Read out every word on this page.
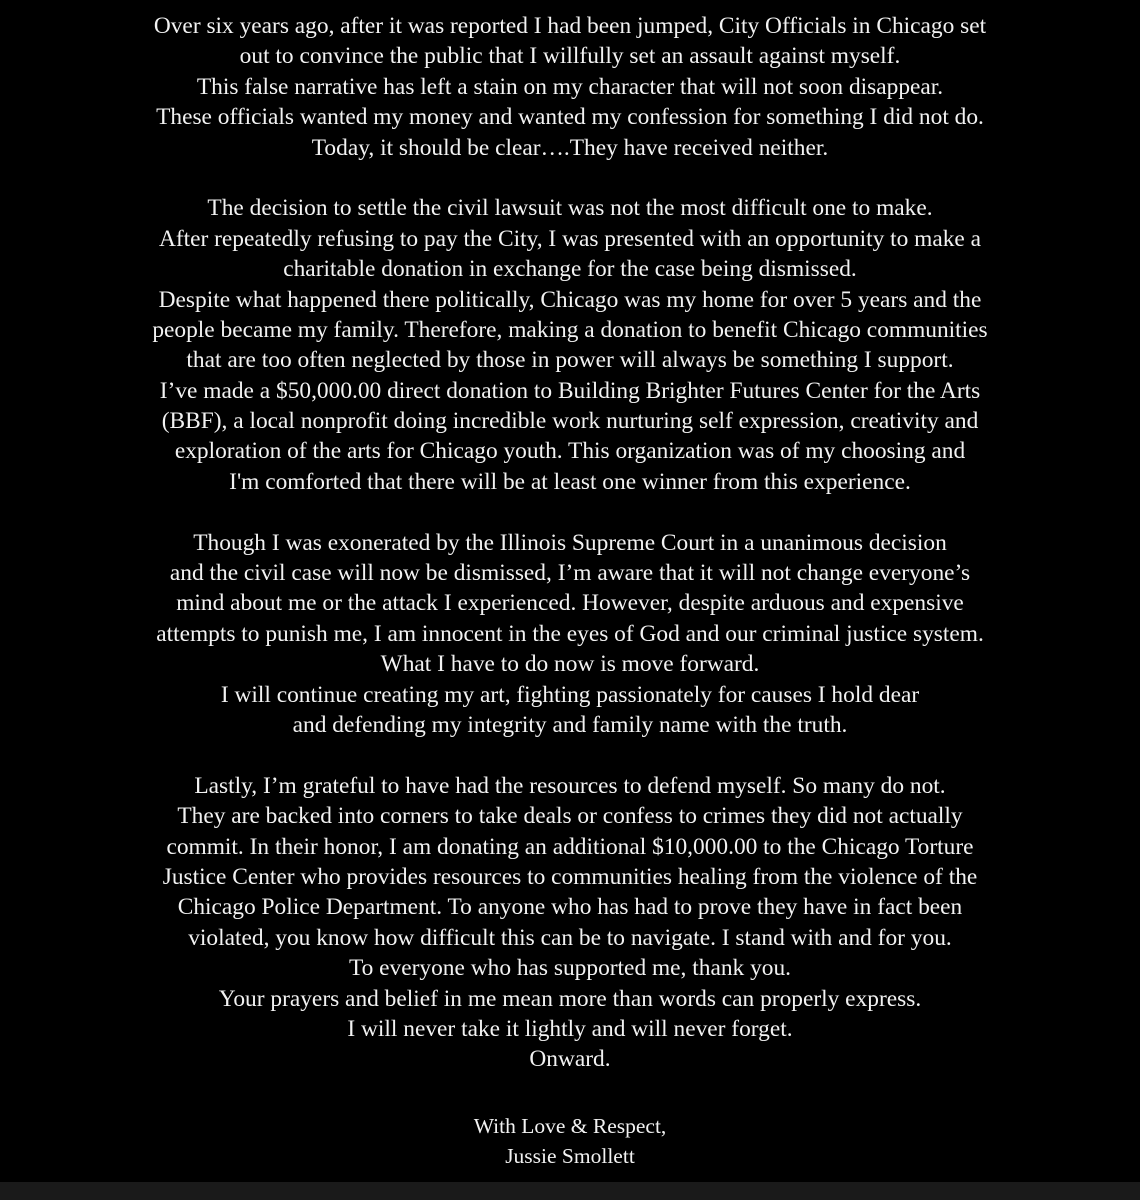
Over six years ago, after it was reported I had been jumped, City Officials in Chicago set
out to convince the public that I willfully set an assault against myself.
This false narrative has left a stain on my character that will not soon disappear.
These officials wanted my money and wanted my confession for something I did not do.
Today, it should be clear….They have received neither.
The decision to settle the civil lawsuit was not the most difficult one to make.
After repeatedly refusing to pay the City, I was presented with an opportunity to make a
charitable donation in exchange for the case being dismissed.
Despite what happened there politically, Chicago was my home for over 5 years and the
people became my family. Therefore, making a donation to benefit Chicago communities
that are too often neglected by those in power will always be something I support.
I’ve made a $50,000.00 direct donation to Building Brighter Futures Center for the Arts
(BBF), a local nonprofit doing incredible work nurturing self expression, creativity and
exploration of the arts for Chicago youth. This organization was of my choosing and
I'm comforted that there will be at least one winner from this experience.
Though I was exonerated by the Illinois Supreme Court in a unanimous decision
and the civil case will now be dismissed, I’m aware that it will not change everyone’s
mind about me or the attack I experienced. However, despite arduous and expensive
attempts to punish me, I am innocent in the eyes of God and our criminal justice system.
What I have to do now is move forward.
I will continue creating my art, fighting passionately for causes I hold dear
and defending my integrity and family name with the truth.
Lastly, I’m grateful to have had the resources to defend myself. So many do not.
They are backed into corners to take deals or confess to crimes they did not actually
commit. In their honor, I am donating an additional $10,000.00 to the Chicago Torture
Justice Center who provides resources to communities healing from the violence of the
Chicago Police Department. To anyone who has had to prove they have in fact been
violated, you know how difficult this can be to navigate. I stand with and for you.
To everyone who has supported me, thank you.
Your prayers and belief in me mean more than words can properly express.
I will never take it lightly and will never forget.
Onward.
With Love & Respect,
Jussie Smollett
